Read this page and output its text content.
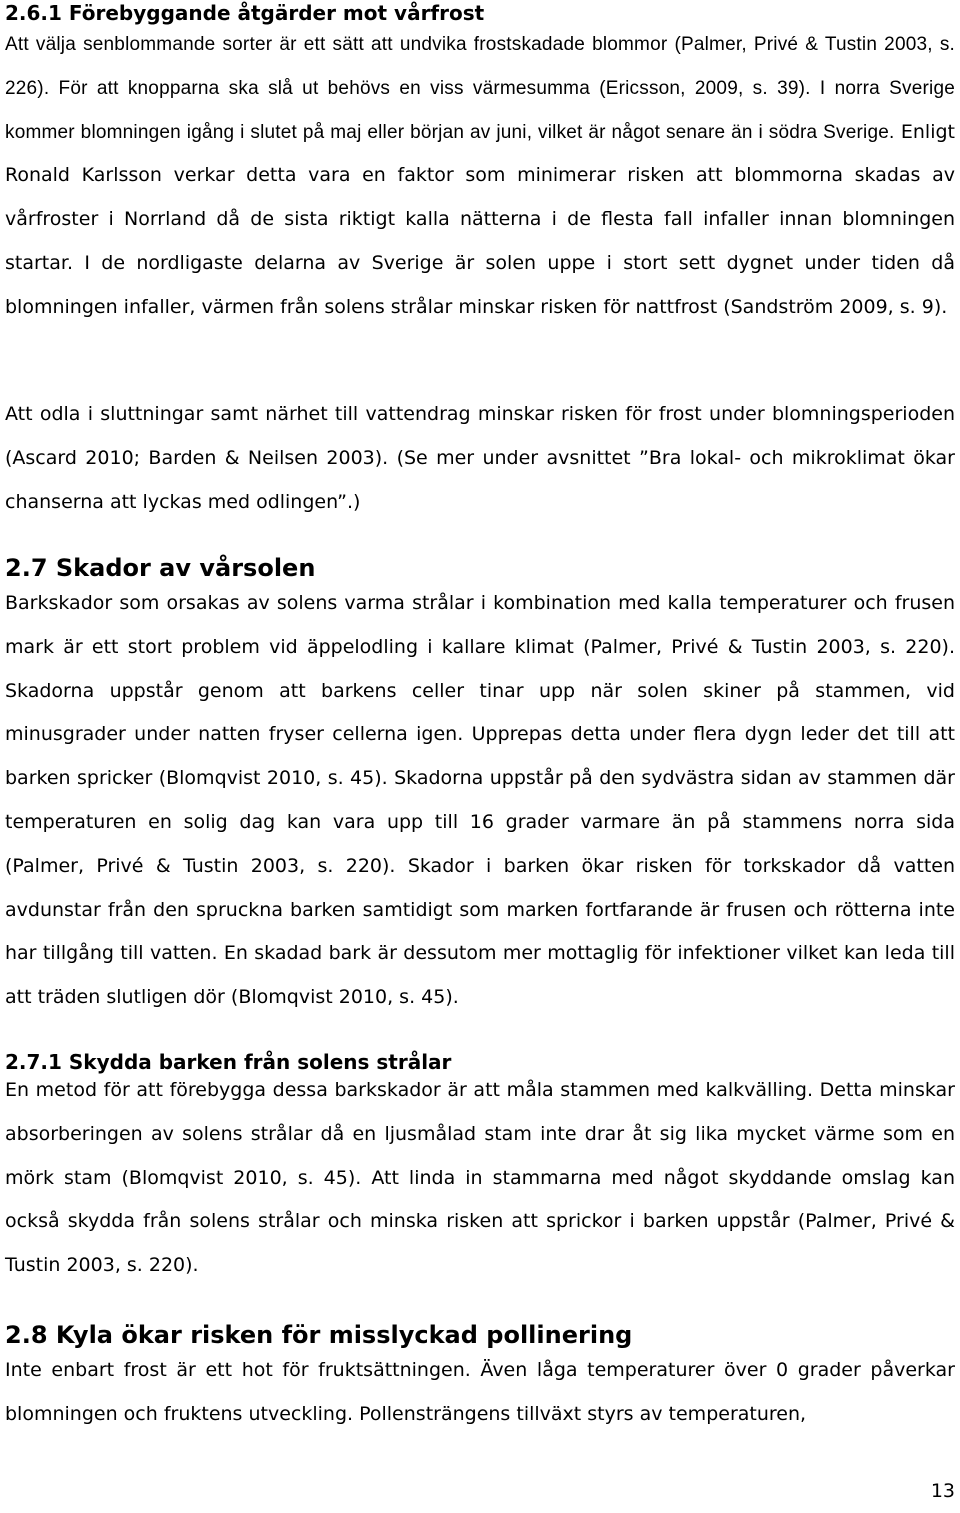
2.6.1 Förebyggande åtgärder mot vårfrost

Att välja senblommande sorter är ett sätt att undvika frostskadade blommor (Palmer, Privé & Tustin 2003, s. 226). För att knopparna ska slå ut behövs en viss värmesumma (Ericsson, 2009, s. 39). I norra Sverige kommer blomningen igång i slutet på maj eller början av juni, vilket är något senare än i södra Sverige. Enligt Ronald Karlsson verkar detta vara en faktor som minimerar risken att blommorna skadas av vårfroster i Norrland då de sista riktigt kalla nätterna i de flesta fall infaller innan blomningen startar. I de nordligaste delarna av Sverige är solen uppe i stort sett dygnet under tiden då blomningen infaller, värmen från solens strålar minskar risken för nattfrost (Sandström 2009, s. 9).

Att odla i sluttningar samt närhet till vattendrag minskar risken för frost under blomningsperioden (Ascard 2010; Barden & Neilsen 2003). (Se mer under avsnittet ”Bra lokal- och mikroklimat ökar chanserna att lyckas med odlingen”.)

2.7 Skador av vårsolen

Barkskador som orsakas av solens varma strålar i kombination med kalla temperaturer och frusen mark är ett stort problem vid äppelodling i kallare klimat (Palmer, Privé & Tustin 2003, s. 220). Skadorna uppstår genom att barkens celler tinar upp när solen skiner på stammen, vid minusgrader under natten fryser cellerna igen. Upprepas detta under flera dygn leder det till att barken spricker (Blomqvist 2010, s. 45). Skadorna uppstår på den sydvästra sidan av stammen där temperaturen en solig dag kan vara upp till 16 grader varmare än på stammens norra sida (Palmer, Privé & Tustin 2003, s. 220). Skador i barken ökar risken för torkskador då vatten avdunstar från den spruckna barken samtidigt som marken fortfarande är frusen och rötterna inte har tillgång till vatten. En skadad bark är dessutom mer mottaglig för infektioner vilket kan leda till att träden slutligen dör (Blomqvist 2010, s. 45).

2.7.1 Skydda barken från solens strålar

En metod för att förebygga dessa barkskador är att måla stammen med kalkvälling. Detta minskar absorberingen av solens strålar då en ljusmålad stam inte drar åt sig lika mycket värme som en mörk stam (Blomqvist 2010, s. 45). Att linda in stammarna med något skyddande omslag kan också skydda från solens strålar och minska risken att sprickor i barken uppstår (Palmer, Privé & Tustin 2003, s. 220).

2.8 Kyla ökar risken för misslyckad pollinering

Inte enbart frost är ett hot för fruktsättningen. Även låga temperaturer över 0 grader påverkar blomningen och fruktens utveckling. Pollensträngens tillväxt styrs av temperaturen,

13
